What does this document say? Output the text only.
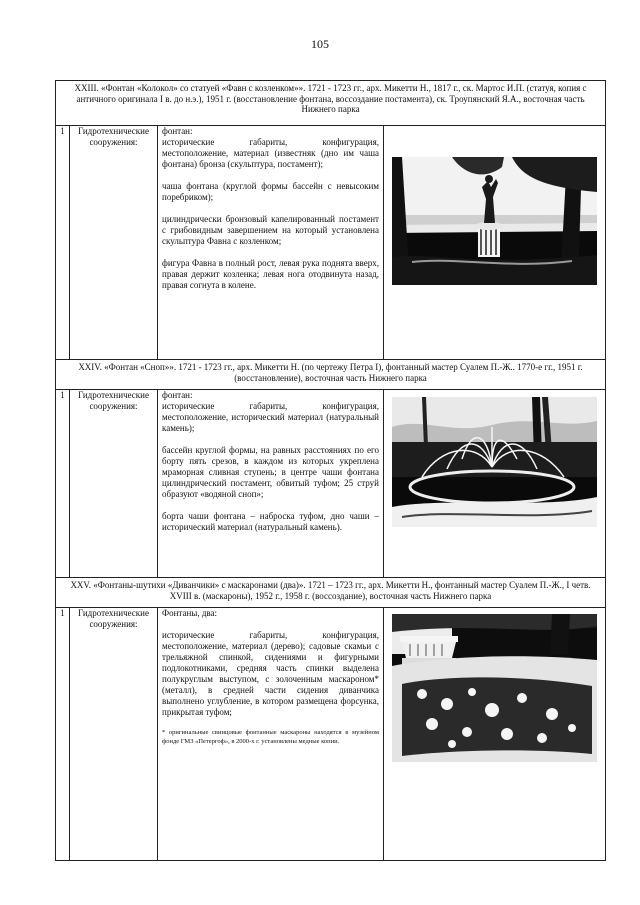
105
XXIII. «Фонтан «Колокол» со статуей «Фавн с козленком»». 1721 - 1723 гг., арх. Микетти Н., 1817 г., ск. Мартос И.П. (статуя, копия с античного оригинала I в. до н.э.), 1951 г. (восстановление фонтана, воссоздание постамента), ск. Троупянский Я.А., восточная часть Нижнего парка			
1	Гидротехнические сооружения:	фонтан:

исторические габариты, конфигурация, местоположение, материал (известняк (дно им чаша фонтана) бронза (скульптура, постамент);

чаша фонтана (круглой формы бассейн с невысоким поребриком);

цилиндрически бронзовый капелированный постамент с грибовидным завершением на который установлена скульптура Фавна с козленком;

фигура Фавна в полный рост, левая рука поднята вверх, правая держит козленка; левая нога отодвинута назад, правая согнута в колене.

XXIV. «Фонтан «Сноп»». 1721 - 1723 гг., арх. Микетти Н. (по чертежу Петра I), фонтанный мастер Суалем П.-Ж.. 1770-е гг., 1951 г. (восстановление), восточная часть Нижнего парка			
1	Гидротехнические сооружения:	фонтан:

исторические габариты, конфигурация, местоположение, исторический материал (натуральный камень);

бассейн круглой формы, на равных расстояниях по его борту пять срезов, в каждом из которых укреплена мраморная сливная ступень; в центре чаши фонтана цилиндрический постамент, обвитый туфом; 25 струй образуют «водяной сноп»;

борта чаши фонтана – наброска туфом, дно чаши – исторический материал (натуральный камень).

XXV. «Фонтаны-шутихи «Диванчики» с маскаронами (два)». 1721 – 1723 гг., арх. Микетти Н., фонтанный мастер Суалем П.-Ж., I четв. XVIII в. (маскароны), 1952 г., 1958 г. (воссоздание), восточная часть Нижнего парка			
1	Гидротехнические сооружения:	Фонтаны, два:

исторические габариты, конфигурация, местоположение, материал (дерево); садовые скамьи с трельяжной спинкой, сидениями и фигурными подлокотниками, средняя часть спинки выделена полукруглым выступом, с золоченным маскароном* (металл), в средней части сидения диванчика выполнено углубление, в котором размещена форсунка, прикрытая туфом;

* оригинальные свинцовые фонтанные маскароны находятся в музейном фонде ГМЗ «Петергоф», в 2000-х г. установлены медные копии.
